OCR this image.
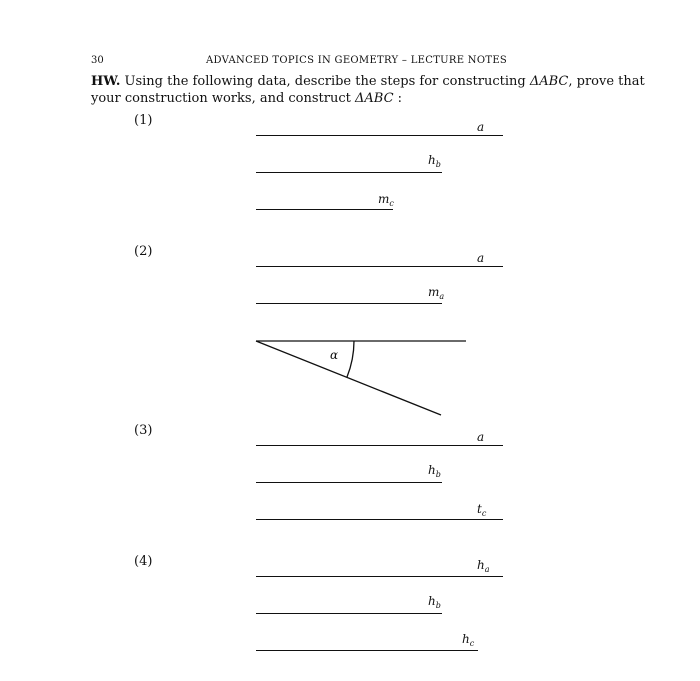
30	ADVANCED TOPICS IN GEOMETRY – LECTURE NOTES
HW. Using the following data, describe the steps for constructing ΔABC, prove that your construction works, and construct ΔABC :
(1)	a
$h_b$
$m_c$
(2)	a
$m_a$
α
(3)	a
$h_b$
$t_c$
(4)	$h_a$
$h_b$
$h_c$
